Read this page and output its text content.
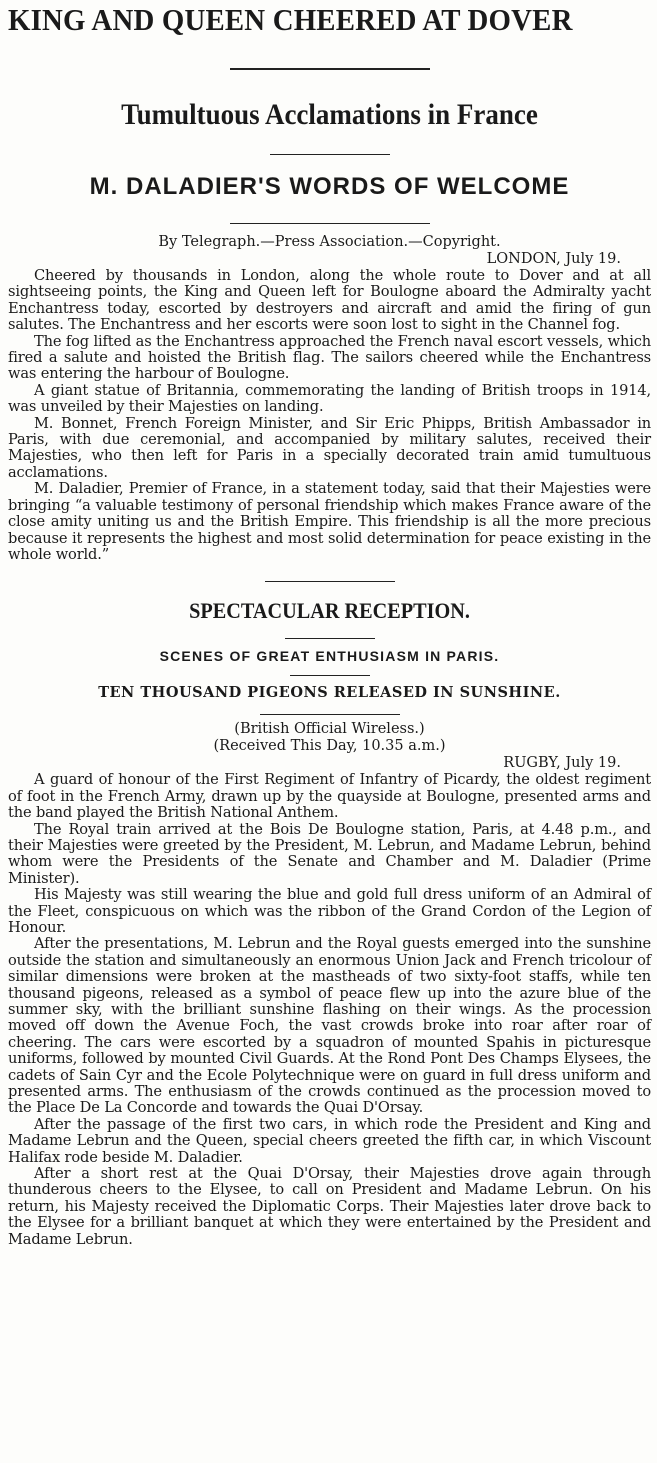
KING AND QUEEN CHEERED AT DOVER
Tumultuous Acclamations in France
M. DALADIER'S WORDS OF WELCOME

By Telegraph.—Press Association.—Copyright.

LONDON, July 19.

Cheered by thousands in London, along the whole route to Dover and at all sightseeing points, the King and Queen left for Boulogne aboard the Admiralty yacht Enchantress today, escorted by destroyers and aircraft and amid the firing of gun salutes. The Enchantress and her escorts were soon lost to sight in the Channel fog.

The fog lifted as the Enchantress approached the French naval escort vessels, which fired a salute and hoisted the British flag. The sailors cheered while the Enchantress was entering the harbour of Boulogne.

A giant statue of Britannia, commemorating the landing of British troops in 1914, was unveiled by their Majesties on landing.

M. Bonnet, French Foreign Minister, and Sir Eric Phipps, British Ambassador in Paris, with due ceremonial, and accompanied by military salutes, received their Majesties, who then left for Paris in a specially decorated train amid tumultuous acclamations.

M. Daladier, Premier of France, in a statement today, said that their Majesties were bringing “a valuable testimony of personal friendship which makes France aware of the close amity uniting us and the British Empire. This friendship is all the more precious because it represents the highest and most solid determination for peace existing in the whole world.”

SPECTACULAR RECEPTION.
SCENES OF GREAT ENTHUSIASM IN PARIS.
TEN THOUSAND PIGEONS RELEASED IN SUNSHINE.

(British Official Wireless.)

(Received This Day, 10.35 a.m.)

RUGBY, July 19.

A guard of honour of the First Regiment of Infantry of Picardy, the oldest regiment of foot in the French Army, drawn up by the quayside at Boulogne, presented arms and the band played the British National Anthem.

The Royal train arrived at the Bois De Boulogne station, Paris, at 4.48 p.m., and their Majesties were greeted by the President, M. Lebrun, and Madame Lebrun, behind whom were the Presidents of the Senate and Chamber and M. Daladier (Prime Minister).

His Majesty was still wearing the blue and gold full dress uniform of an Admiral of the Fleet, conspicuous on which was the ribbon of the Grand Cordon of the Legion of Honour.

After the presentations, M. Lebrun and the Royal guests emerged into the sunshine outside the station and simultaneously an enormous Union Jack and French tricolour of similar dimensions were broken at the mastheads of two sixty-foot staffs, while ten thousand pigeons, released as a symbol of peace flew up into the azure blue of the summer sky, with the brilliant sunshine flashing on their wings. As the procession moved off down the Avenue Foch, the vast crowds broke into roar after roar of cheering. The cars were escorted by a squadron of mounted Spahis in picturesque uniforms, followed by mounted Civil Guards. At the Rond Pont Des Champs Elysees, the cadets of Sain Cyr and the Ecole Polytechnique were on guard in full dress uniform and presented arms. The enthusiasm of the crowds continued as the procession moved to the Place De La Concorde and towards the Quai D'Orsay.

After the passage of the first two cars, in which rode the President and King and Madame Lebrun and the Queen, special cheers greeted the fifth car, in which Viscount Halifax rode beside M. Daladier.

After a short rest at the Quai D'Orsay, their Majesties drove again through thunderous cheers to the Elysee, to call on President and Madame Lebrun. On his return, his Majesty received the Diplomatic Corps. Their Majesties later drove back to the Elysee for a brilliant banquet at which they were entertained by the President and Madame Lebrun.
